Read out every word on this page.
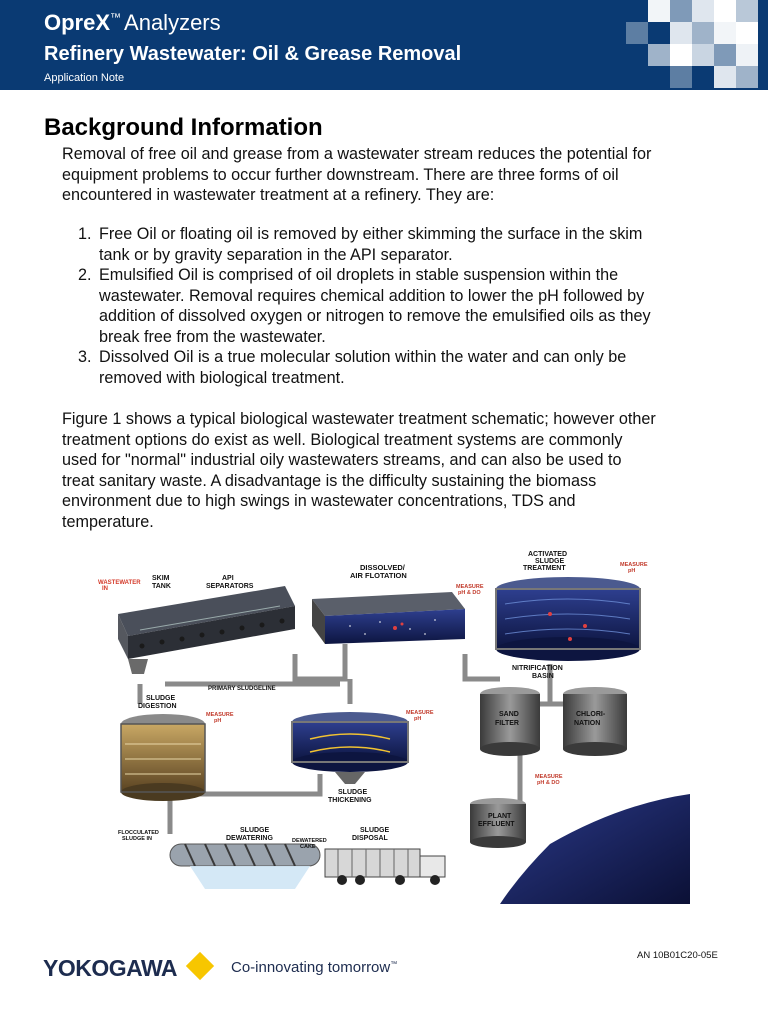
OpreX™ Analyzers
Refinery Wastewater: Oil & Grease Removal
Application Note
Background Information

Removal of free oil and grease from a wastewater stream reduces the potential for
equipment problems to occur further downstream. There are three forms of oil
encountered in wastewater treatment at a refinery. They are:

1. Free Oil or floating oil is removed by either skimming the surface in the skim
tank or by gravity separation in the API separator.
2. Emulsified Oil is comprised of oil droplets in stable suspension within the
wastewater. Removal requires chemical addition to lower the pH followed by
addition of dissolved oxygen or nitrogen to remove the emulsified oils as they
break free from the wastewater.
3. Dissolved Oil is a true molecular solution within the water and can only be
removed with biological treatment.

Figure 1 shows a typical biological wastewater treatment schematic; however other
treatment options do exist as well. Biological treatment systems are commonly
used for "normal" industrial oily wastewaters streams, and can also be used to
treat sanitary waste. A disadvantage is the difficulty sustaining the biomass
environment due to high swings in wastewater concentrations, TDS and
temperature.

WASTEWATER IN
SKIM TANK
API SEPARATORS
DISSOLVED/ AIR FLOTATION
MEASURE pH & DO
ACTIVATED SLUDGE TREATMENT	MEASURE pH
NITRIFICATION BASIN
PRIMARY SLUDGELINE
SLUDGE DIGESTION
MEASURE pH
MEASURE pH
SLUDGE THICKENING
SAND FILTER
CHLORI-NATION
MEASURE pH & DO
PLANT EFFLUENT
FLOCCULATED SLUDGE IN
SLUDGE DEWATERING	DEWATERED CAKE
SLUDGE DISPOSAL
YOKOGAWA	Co-innovating tomorrow™
AN 10B01C20-05E
